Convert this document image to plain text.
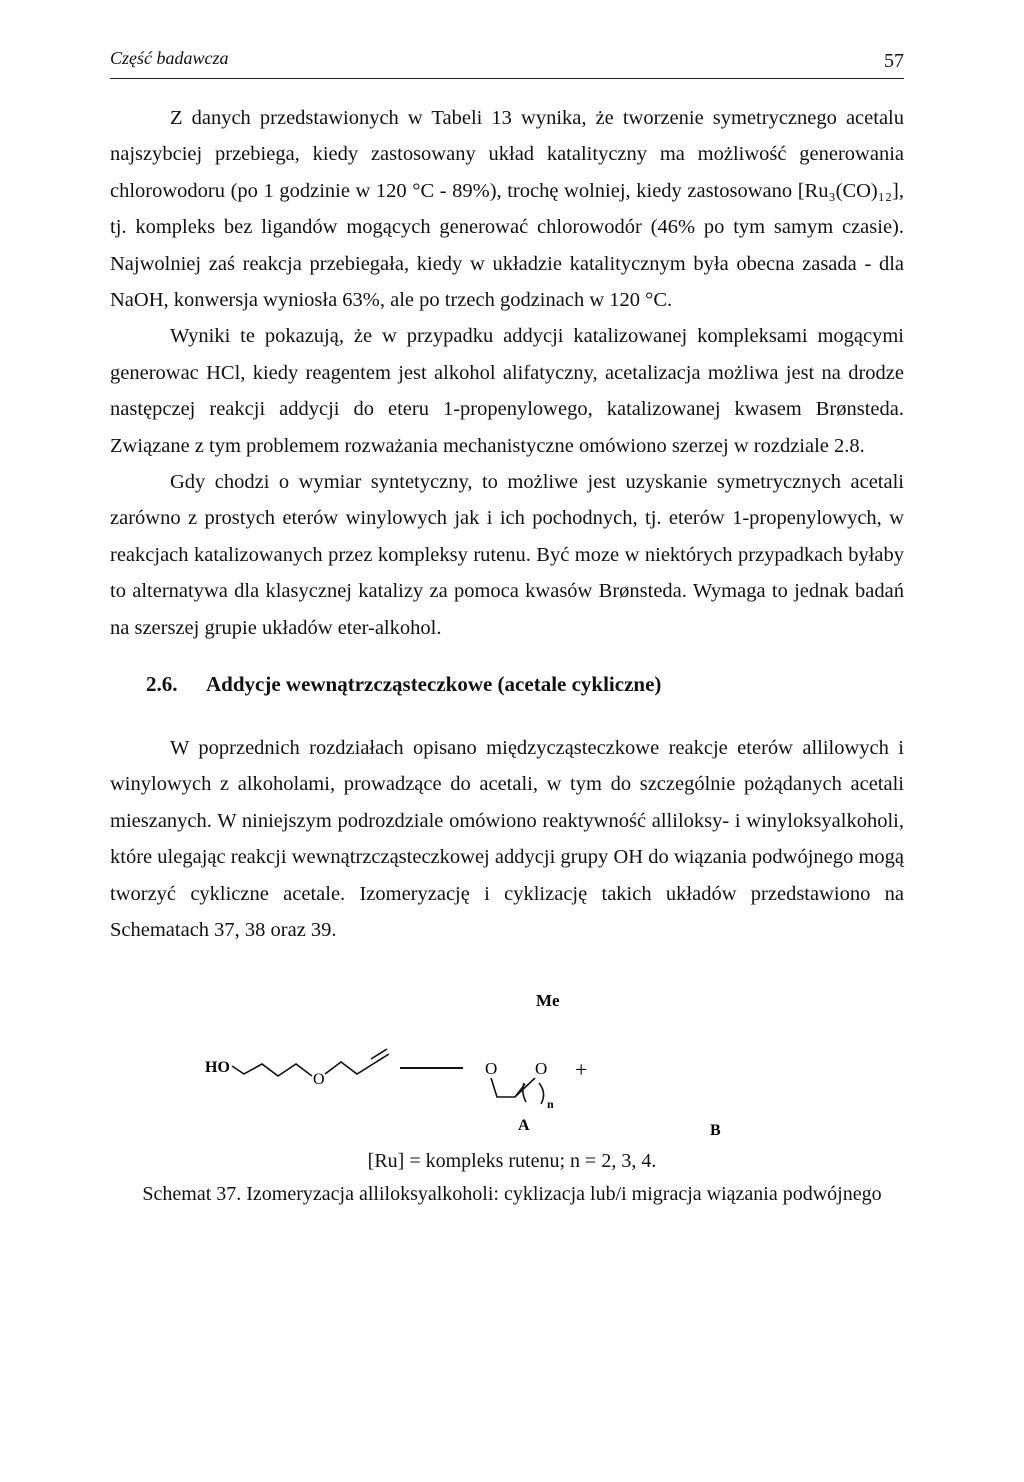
Część badawcza	57

Z danych przedstawionych w Tabeli 13 wynika, że tworzenie symetrycznego acetalu najszybciej przebiega, kiedy zastosowany układ katalityczny ma możliwość generowania chlorowodoru (po 1 godzinie w 120 °C - 89%), trochę wolniej, kiedy zastosowano [Ru₃(CO)₁₂], tj. kompleks bez ligandów mogących generować chlorowodór (46% po tym samym czasie). Najwolniej zaś reakcja przebiegała, kiedy w układzie katalitycznym była obecna zasada - dla NaOH, konwersja wyniosła 63%, ale po trzech godzinach w 120 °C.

Wyniki te pokazują, że w przypadku addycji katalizowanej kompleksami mogącymi generowac HCl, kiedy reagentem jest alkohol alifatyczny, acetalizacja możliwa jest na drodze następczej reakcji addycji do eteru 1-propenylowego, katalizowanej kwasem Brønsteda. Związane z tym problemem rozważania mechanistyczne omówiono szerzej w rozdziale 2.8.

Gdy chodzi o wymiar syntetyczny, to możliwe jest uzyskanie symetrycznych acetali zarówno z prostych eterów winylowych jak i ich pochodnych, tj. eterów 1-propenylowych, w reakcjach katalizowanych przez kompleksy rutenu. Być moze w niektórych przypadkach byłaby to alternatywa dla klasycznej katalizy za pomoca kwasów Brønsteda. Wymaga to jednak badań na szerszej grupie układów eter-alkohol.

2.6. Addycje wewnątrzcząsteczkowe (acetale cykliczne)

W poprzednich rozdziałach opisano międzycząsteczkowe reakcje eterów allilowych i winylowych z alkoholami, prowadzące do acetali, w tym do szczególnie pożądanych acetali mieszanych. W niniejszym podrozdziale omówiono reaktywność alliloksy- i winyloksyalkoholi, które ulegając reakcji wewnątrzcząsteczkowej addycji grupy OH do wiązania podwójnego mogą tworzyć cykliczne acetale. Izomeryzację i cyklizację takich układów przedstawiono na Schematach 37, 38 oraz 39.

Me
HO
O
O O
n
+
A	B
[Ru] = kompleks rutenu; n = 2, 3, 4.
Schemat 37. Izomeryzacja alliloksyalkoholi: cyklizacja lub/i migracja wiązania podwójnego
